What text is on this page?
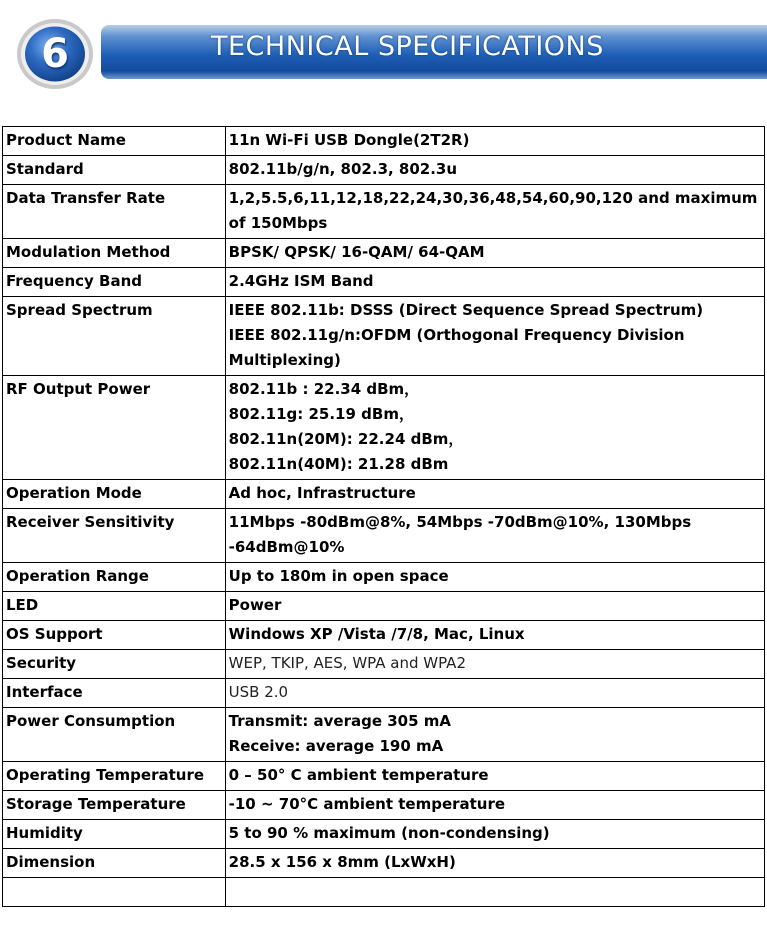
6	TECHNICAL SPECIFICATIONS
Product Name	11n Wi-Fi USB Dongle(2T2R)

Standard	802.11b/g/n, 802.3, 802.3u

Data Transfer Rate	1,2,5.5,6,11,12,18,22,24,30,36,48,54,60,90,120 and maximum of 150Mbps

Modulation Method	BPSK/ QPSK/ 16-QAM/ 64-QAM

Frequency Band	2.4GHz ISM Band

Spread Spectrum	IEEE 802.11b: DSSS (Direct Sequence Spread Spectrum)
IEEE 802.11g/n:OFDM (Orthogonal Frequency Division Multiplexing)

RF Output Power	802.11b : 22.34 dBm，
802.11g: 25.19 dBm，
802.11n(20M): 22.24 dBm，
802.11n(40M): 21.28 dBm

Operation Mode	Ad hoc, Infrastructure

Receiver Sensitivity	11Mbps -80dBm@8%, 54Mbps -70dBm@10%, 130Mbps -64dBm@10%

Operation Range	Up to 180m in open space

LED	Power

OS Support	Windows XP /Vista /7/8, Mac, Linux

Security	WEP, TKIP, AES, WPA and WPA2

Interface	USB 2.0

Power Consumption	Transmit: average 305 mA
Receive: average 190 mA

Operating Temperature	0 – 50° C ambient temperature

Storage Temperature	-10 ~ 70°C ambient temperature

Humidity	5 to 90 % maximum (non-condensing)

Dimension	28.5 x 156 x 8mm (LxWxH)
